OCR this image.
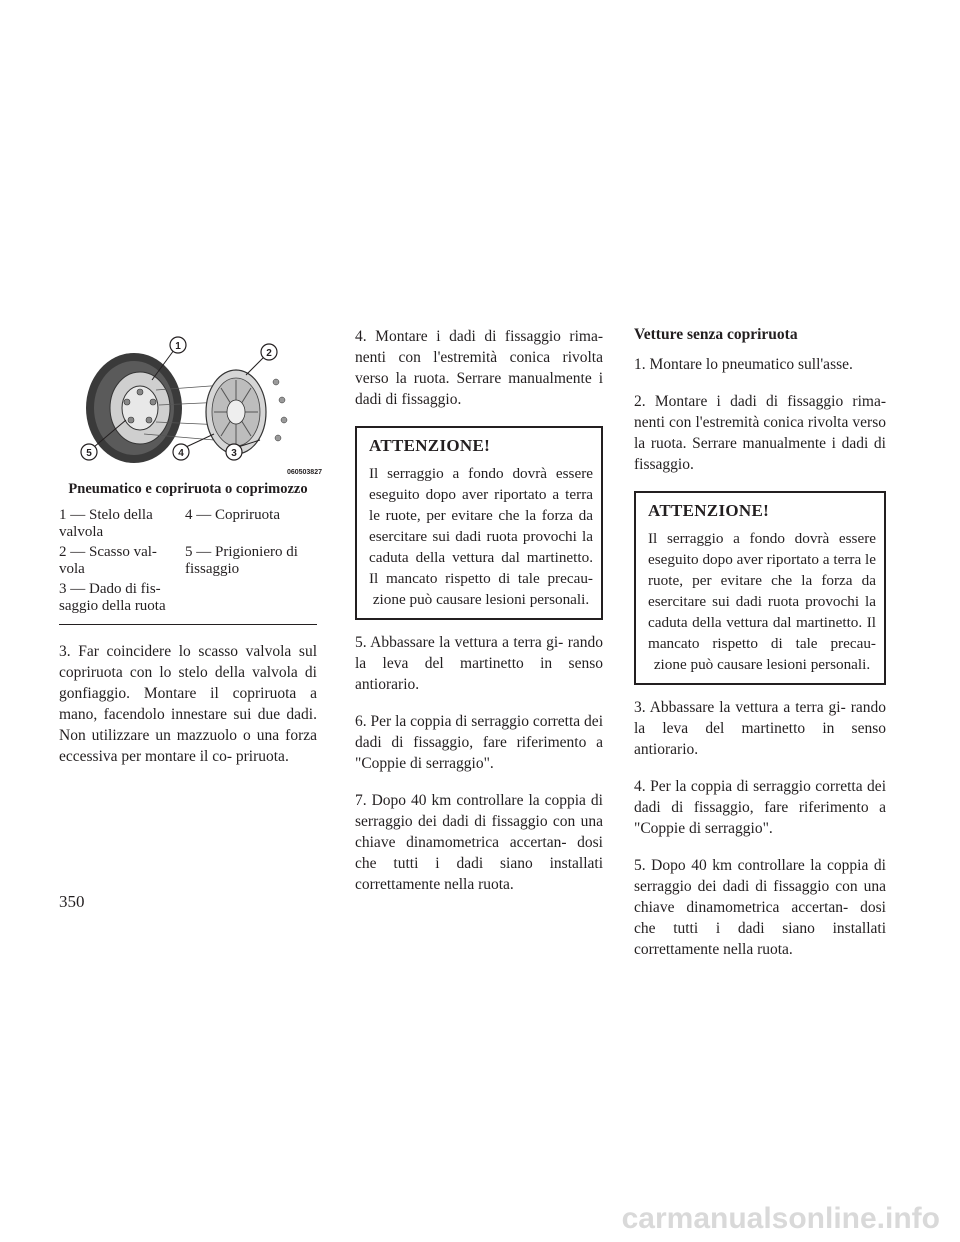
1
2
3
4
5
060503827
Pneumatico e copriruota o coprimozzo
1 — Stelo della valvola
4 — Copriruota
2 — Scasso val- vola
5 — Prigioniero di fissaggio
3 — Dado di fis- saggio della ruota

3. Far coincidere lo scasso valvola sul copriruota con lo stelo della valvola di gonfiaggio. Montare il copriruota a mano, facendolo innestare sui due dadi. Non utilizzare un mazzuolo o una forza eccessiva per montare il co- priruota.

4. Montare i dadi di fissaggio rima- nenti con l'estremità conica rivolta verso la ruota. Serrare manualmente i dadi di fissaggio.

ATTENZIONE!

Il serraggio a fondo dovrà essere eseguito dopo aver riportato a terra le ruote, per evitare che la forza da esercitare sui dadi ruota provochi la caduta della vettura dal martinetto. Il mancato rispetto di tale precau- zione può causare lesioni personali.

5. Abbassare la vettura a terra gi- rando la leva del martinetto in senso antiorario.

6. Per la coppia di serraggio corretta dei dadi di fissaggio, fare riferimento a "Coppie di serraggio".

7. Dopo 40 km controllare la coppia di serraggio dei dadi di fissaggio con una chiave dinamometrica accertan- dosi che tutti i dadi siano installati correttamente nella ruota.

Vetture senza copriruota

1. Montare lo pneumatico sull'asse.

2. Montare i dadi di fissaggio rima- nenti con l'estremità conica rivolta verso la ruota. Serrare manualmente i dadi di fissaggio.

ATTENZIONE!

Il serraggio a fondo dovrà essere eseguito dopo aver riportato a terra le ruote, per evitare che la forza da esercitare sui dadi ruota provochi la caduta della vettura dal martinetto. Il mancato rispetto di tale precau- zione può causare lesioni personali.

3. Abbassare la vettura a terra gi- rando la leva del martinetto in senso antiorario.

4. Per la coppia di serraggio corretta dei dadi di fissaggio, fare riferimento a "Coppie di serraggio".

5. Dopo 40 km controllare la coppia di serraggio dei dadi di fissaggio con una chiave dinamometrica accertan- dosi che tutti i dadi siano installati correttamente nella ruota.

350
carmanualsonline.info
